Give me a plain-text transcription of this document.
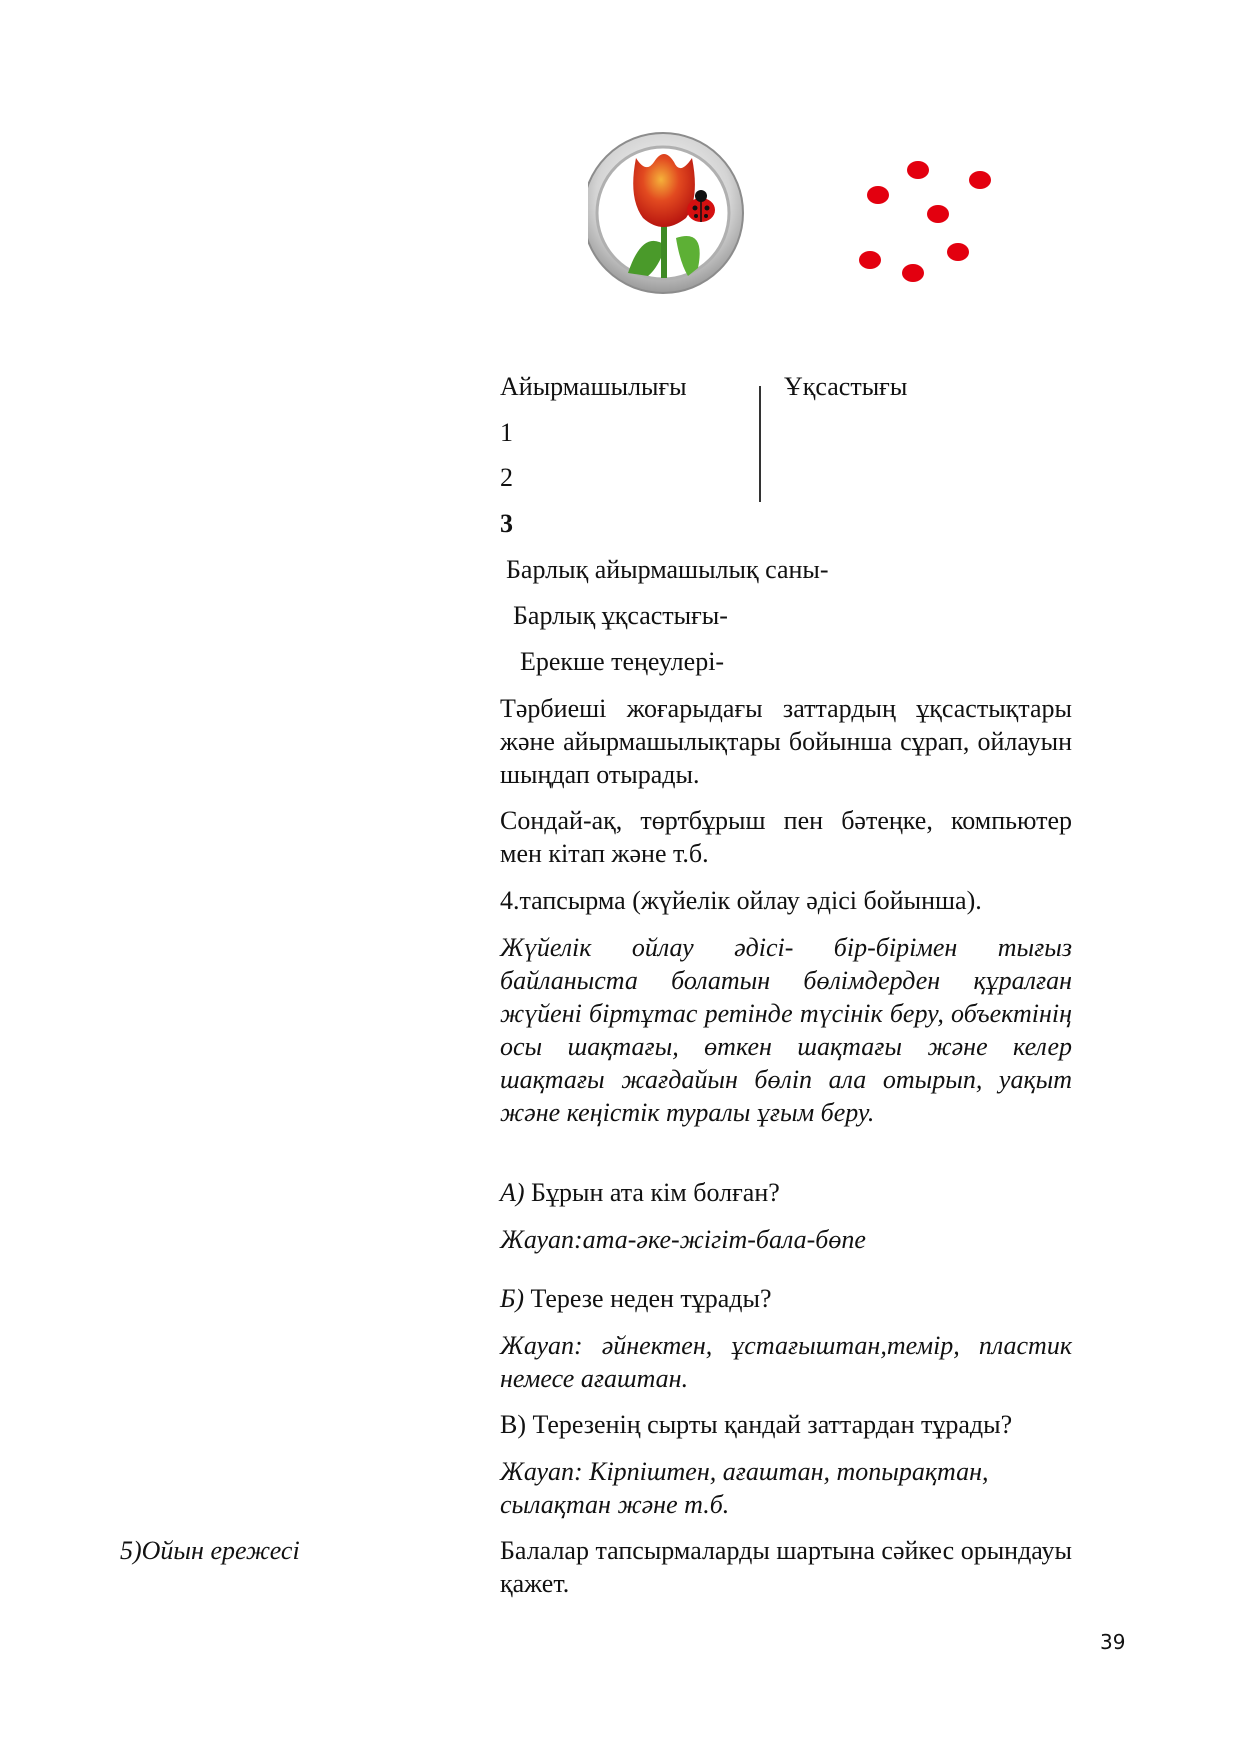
Айырмашылығы	Ұқсастығы
1
2
3
Барлық айырмашылық саны-
Барлық ұқсастығы-
Ерекше теңеулері-
Тәрбиеші жоғарыдағы заттардың ұқсастықтары және айырмашылықтары бойынша сұрап, ойлауын шыңдап отырады.
Сондай-ақ, төртбұрыш пен бәтеңке, компьютер мен кітап және т.б.
4.тапсырма (жүйелік ойлау әдісі бойынша).
Жүйелік ойлау әдісі- бір-бірімен тығыз байланыста болатын бөлімдерден құралған жүйені біртұтас ретінде түсінік беру, объектінің осы шақтағы, өткен шақтағы және келер шақтағы жағдайын бөліп ала отырып, уақыт және кеңістік туралы ұғым беру.
А) Бұрын ата кім болған?
Жауап:ата-әке-жігіт-бала-бөпе
Б) Терезе неден тұрады?
Жауап: әйнектен, ұстағыштан,темір, пластик немесе ағаштан.
В) Терезенің сырты қандай заттардан тұрады?
Жауап: Кірпіштен, ағаштан, топырақтан, сылақтан және т.б.
5)Ойын ережесі	Балалар тапсырмаларды шартына сәйкес орындауы қажет.
39
